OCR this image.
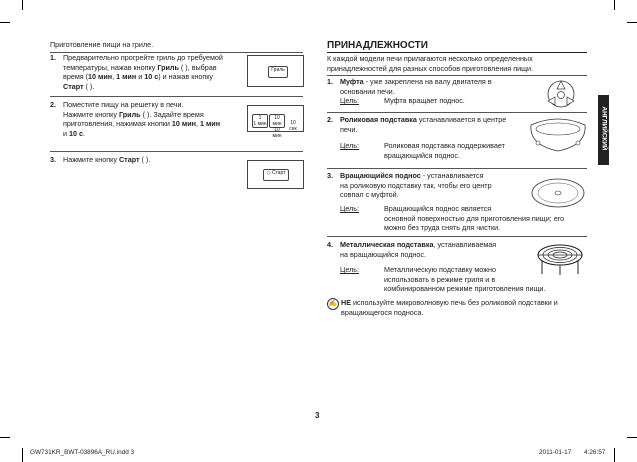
Приготовление пищи на гриле.
1. Предварительно прогрейте гриль до требуемой
температуры, нажав кнопку Гриль ( ), выбрав
время (10 мин, 1 мин и 10 с) и нажав кнопку
Старт ( ).
Гриль
2. Поместите пищу на решетку в печи.
Нажмите кнопку Гриль ( ). Задайте время
приготовления, нажимая кнопки 10 мин, 1 мин
и 10 с.
1
1 мин
10 мин
10 мин

10 сек
3. Нажмите кнопку Старт ( ).
◇ Старт
ПРИНАДЛЕЖНОСТИ
К каждой модели печи прилагаются несколько определенных
принадлежностей для разных способов приготовления пищи.
1. Муфта - уже закреплена на валу двигателя в
основании печи.
Цель:	Муфта вращает поднос.
2. Роликовая подставка устанавливается в центре
печи.
Цель:	Роликовая подставка поддерживает
вращающийся поднос.
3. Вращающийся поднос - устанавливается
на роликовую подставку так, чтобы его центр
совпал с муфтой.
Цель:	Вращающийся поднос является
основной поверхностью для приготовления пищи; его
можно без труда снять для чистки.
4. Металлическая подставка, устанавливаемая
на вращающийся поднос.
Цель:	Металлическую подставку можно
использовать в режиме гриля и в
комбинированном режиме приготовления пищи.
✍ НЕ используйте микроволновую печь без роликовой подставки и
вращающегося подноса.
АНГЛИЙСКИЙ
3
GW731KR_BWT-03896A_RU.indd 3	2011-01-17 4:26:57
